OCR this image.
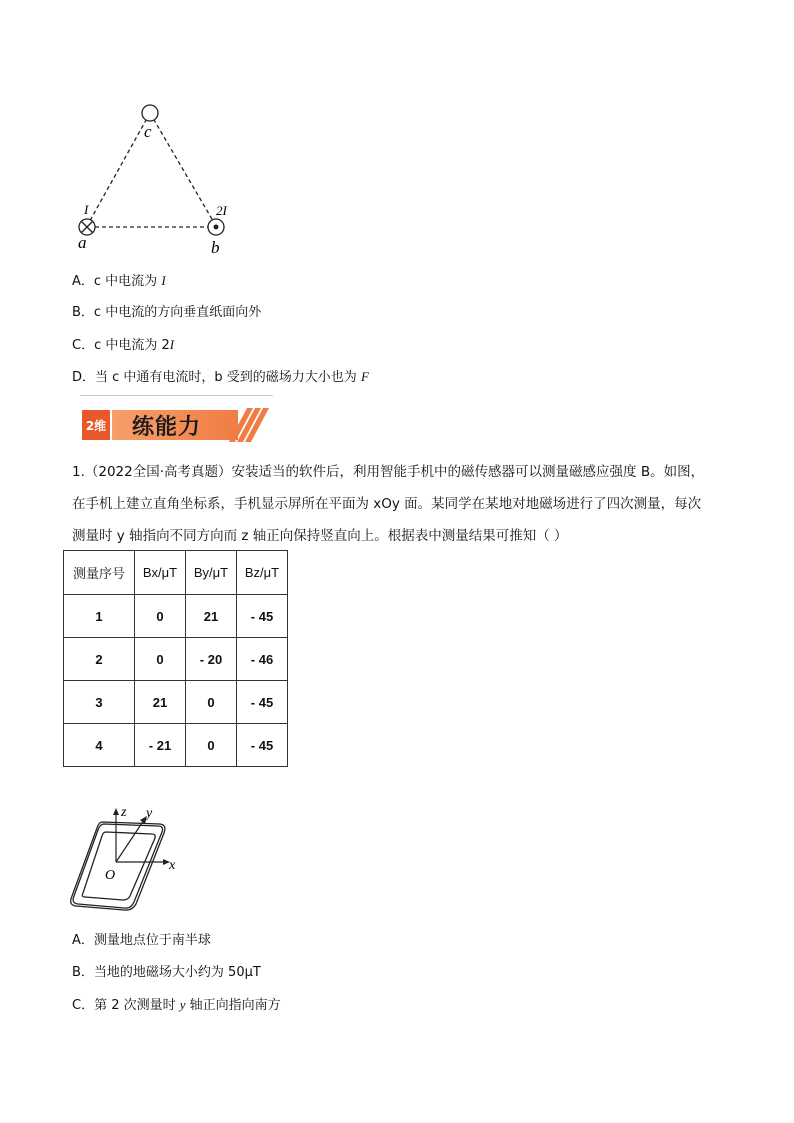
c
a	b
I	2I
A．c 中电流为 I
B．c 中电流的方向垂直纸面向外
C．c 中电流为 2I
D．当 c 中通有电流时，b 受到的磁场力大小也为 F
2维	练能力
1.（2022全国·高考真题）安装适当的软件后，利用智能手机中的磁传感器可以测量磁感应强度 B。如图，
在手机上建立直角坐标系，手机显示屏所在平面为 xOy 面。某同学在某地对地磁场进行了四次测量，每次
测量时 y 轴指向不同方向而 z 轴正向保持竖直向上。根据表中测量结果可推知（ ）
测量序号	Bx/μT	By/μT	Bz/μT
1	0	21	- 45
2	0	- 20	- 46
3	21	0	- 45
4	- 21	0	- 45
z y
x
O
A．测量地点位于南半球
B．当地的地磁场大小约为 50μT
C．第 2 次测量时 y 轴正向指向南方
